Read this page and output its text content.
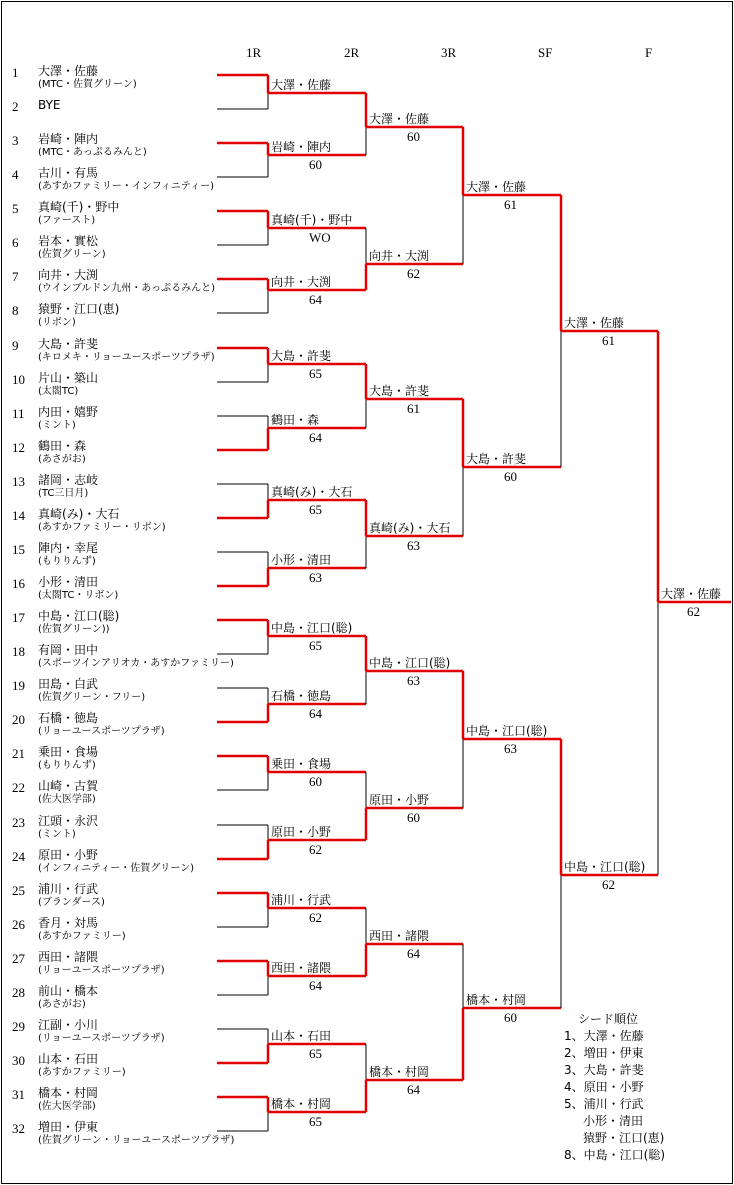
1R	2R	3R	SF	F
1 大澤・佐藤
(MTC・佐賀グリーン)
2 BYE
3 岩崎・陣内
(MTC・あっぷるみんと)
4 古川・有馬
(あすかファミリー・インフィニティー)
5 真崎(千)・野中
(ファースト)
6 岩本・實松
(佐賀グリーン)
7 向井・大渕
(ウインブルドン九州・あっぷるみんと)
8 猿野・江口(恵)
(リボン)
9 大島・許斐
(キロメキ・リョーユースポーツプラザ)
10 片山・築山
(太閤TC)
11 内田・嬉野
(ミント)
12 鶴田・森
(あさがお)
13 諸岡・志岐
(TC三日月)
14 真崎(み)・大石
(あすかファミリー・リボン)
15 陣内・幸尾
(もりりんず)
16 小形・清田
(太閤TC・リボン)
17 中島・江口(聡)
(佐賀グリーン))
18 有岡・田中
(スポーツインアリオカ・あすかファミリー)
19 田島・白武
(佐賀グリーン・フリー)
20 石橋・徳島
(リョーユースポーツプラザ)
21 乗田・食場
(もりりんず)
22 山崎・古賀
(佐大医学部)
23 江頭・永沢
(ミント)
24 原田・小野
(インフィニティー・佐賀グリーン)
25 浦川・行武
(ブランダース)
26 香月・対馬
(あすかファミリー)
27 西田・諸隈
(リョーユースポーツプラザ)
28 前山・橋本
(あさがお)
29 江副・小川
(リョーユースポーツプラザ)
30 山本・石田
(あすかファミリー)
31 橋本・村岡
(佐大医学部)
32 増田・伊東
(佐賀グリーン・リョーユースポーツプラザ)
大澤・佐藤
岩崎・陣内
60
真崎(千)・野中
WO
向井・大渕
64
大島・許斐
65
鶴田・森
64
真崎(み)・大石
65
小形・清田
63
中島・江口(聡)
65
石橋・徳島
64
乗田・食場
60
原田・小野
62
浦川・行武
62
西田・諸隈
64
山本・石田
65
橋本・村岡
65
大澤・佐藤
60
向井・大渕
62
大島・許斐
61
真崎(み)・大石
63
中島・江口(聡)
63
原田・小野
60
西田・諸隈
64
橋本・村岡
64
大澤・佐藤
61
大島・許斐
60
中島・江口(聡)
63
橋本・村岡
60
大澤・佐藤
61
中島・江口(聡)
62
大澤・佐藤
62
シード順位
1、大澤・佐藤
2、増田・伊東
3、大島・許斐
4、原田・小野
5、浦川・行武
小形・清田
猿野・江口(恵)
8、中島・江口(聡)
